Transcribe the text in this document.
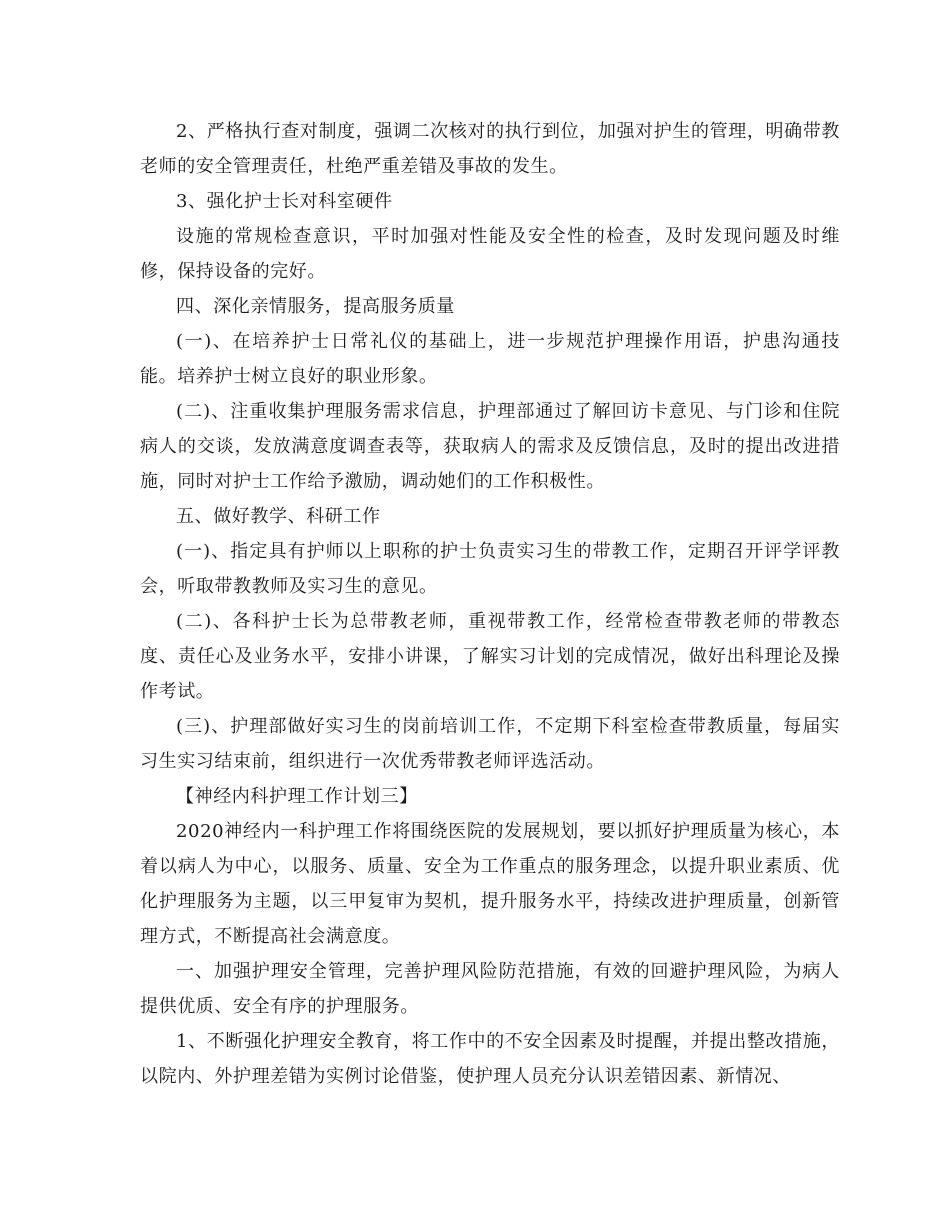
2、严格执行查对制度，强调二次核对的执行到位，加强对护生的管理，明确带教老师的安全管理责任，杜绝严重差错及事故的发生。

3、强化护士长对科室硬件

设施的常规检查意识，平时加强对性能及安全性的检查，及时发现问题及时维修，保持设备的完好。

四、深化亲情服务，提高服务质量

(一)、在培养护士日常礼仪的基础上，进一步规范护理操作用语，护患沟通技能。培养护士树立良好的职业形象。

(二)、注重收集护理服务需求信息，护理部通过了解回访卡意见、与门诊和住院病人的交谈，发放满意度调查表等，获取病人的需求及反馈信息，及时的提出改进措施，同时对护士工作给予激励，调动她们的工作积极性。

五、做好教学、科研工作

(一)、指定具有护师以上职称的护士负责实习生的带教工作，定期召开评学评教会，听取带教教师及实习生的意见。

(二)、各科护士长为总带教老师，重视带教工作，经常检查带教老师的带教态度、责任心及业务水平，安排小讲课，了解实习计划的完成情况，做好出科理论及操作考试。

(三)、护理部做好实习生的岗前培训工作，不定期下科室检查带教质量，每届实习生实习结束前，组织进行一次优秀带教老师评选活动。

【神经内科护理工作计划三】

2020神经内一科护理工作将围绕医院的发展规划，要以抓好护理质量为核心，本着以病人为中心，以服务、质量、安全为工作重点的服务理念，以提升职业素质、优化护理服务为主题，以三甲复审为契机，提升服务水平，持续改进护理质量，创新管理方式，不断提高社会满意度。

一、加强护理安全管理，完善护理风险防范措施，有效的回避护理风险，为病人提供优质、安全有序的护理服务。

1、不断强化护理安全教育，将工作中的不安全因素及时提醒，并提出整改措施，以院内、外护理差错为实例讨论借鉴，使护理人员充分认识差错因素、新情况、
